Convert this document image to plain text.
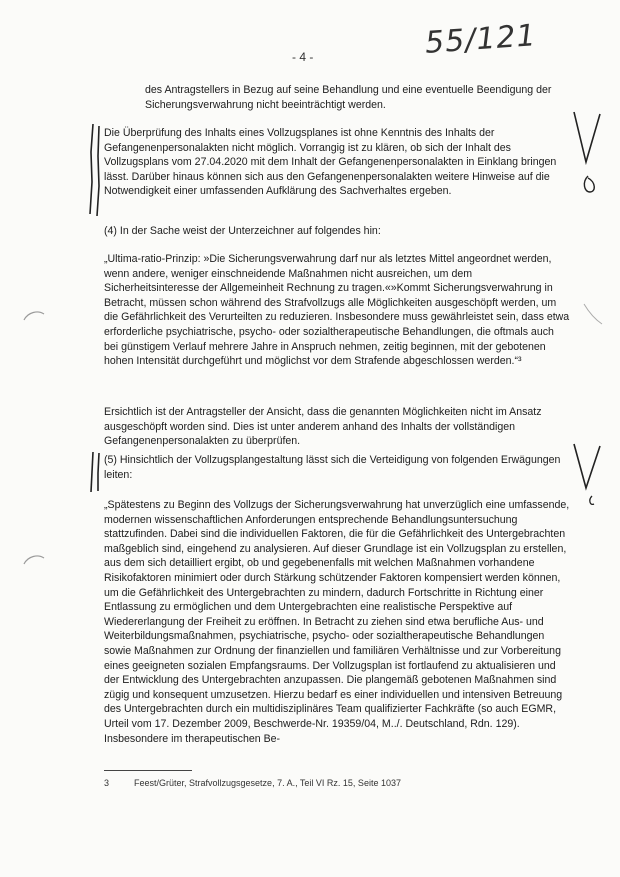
55/121
- 4 -

des Antragstellers in Bezug auf seine Behandlung und eine eventuelle Beendigung der Sicherungsverwahrung nicht beeinträchtigt werden.

Die Überprüfung des Inhalts eines Vollzugsplanes ist ohne Kenntnis des Inhalts der Gefangenenpersonalakten nicht möglich. Vorrangig ist zu klären, ob sich der Inhalt des Vollzugsplans vom 27.04.2020 mit dem Inhalt der Gefangenenpersonalakten in Einklang bringen lässt. Darüber hinaus können sich aus den Gefangenenpersonalakten weitere Hinweise auf die Notwendigkeit einer umfassenden Aufklärung des Sachverhaltes ergeben.

(4) In der Sache weist der Unterzeichner auf folgendes hin:

„Ultima-ratio-Prinzip: »Die Sicherungsverwahrung darf nur als letztes Mittel angeordnet werden, wenn andere, weniger einschneidende Maßnahmen nicht ausreichen, um dem Sicherheitsinteresse der Allgemeinheit Rechnung zu tragen.«»Kommt Sicherungsverwahrung in Betracht, müssen schon während des Strafvollzugs alle Möglichkeiten ausgeschöpft werden, um die Gefährlichkeit des Verurteilten zu reduzieren. Insbesondere muss gewährleistet sein, dass etwa erforderliche psychiatrische, psycho- oder sozialtherapeutische Behandlungen, die oftmals auch bei günstigem Verlauf mehrere Jahre in Anspruch nehmen, zeitig beginnen, mit der gebotenen hohen Intensität durchgeführt und möglichst vor dem Strafende abgeschlossen werden.“³

Ersichtlich ist der Antragsteller der Ansicht, dass die genannten Möglichkeiten nicht im Ansatz ausgeschöpft worden sind. Dies ist unter anderem anhand des Inhalts der vollständigen Gefangenenpersonalakten zu überprüfen.

(5) Hinsichtlich der Vollzugsplangestaltung lässt sich die Verteidigung von folgenden Erwägungen leiten:

„Spätestens zu Beginn des Vollzugs der Sicherungsverwahrung hat unverzüglich eine umfassende, modernen wissenschaftlichen Anforderungen entsprechende Behandlungsuntersuchung stattzufinden. Dabei sind die individuellen Faktoren, die für die Gefährlichkeit des Untergebrachten maßgeblich sind, eingehend zu analysieren. Auf dieser Grundlage ist ein Vollzugsplan zu erstellen, aus dem sich detailliert ergibt, ob und gegebenenfalls mit welchen Maßnahmen vorhandene Risikofaktoren minimiert oder durch Stärkung schützender Faktoren kompensiert werden können, um die Gefährlichkeit des Untergebrachten zu mindern, dadurch Fortschritte in Richtung einer Entlassung zu ermöglichen und dem Untergebrachten eine realistische Perspektive auf Wiedererlangung der Freiheit zu eröffnen. In Betracht zu ziehen sind etwa berufliche Aus- und Weiterbildungsmaßnahmen, psychiatrische, psycho- oder sozialtherapeutische Behandlungen sowie Maßnahmen zur Ordnung der finanziellen und familiären Verhältnisse und zur Vorbereitung eines geeigneten sozialen Empfangsraums. Der Vollzugsplan ist fortlaufend zu aktualisieren und der Entwicklung des Untergebrachten anzupassen. Die plangemäß gebotenen Maßnahmen sind zügig und konsequent umzusetzen. Hierzu bedarf es einer individuellen und intensiven Betreuung des Untergebrachten durch ein multidisziplinäres Team qualifizierter Fachkräfte (so auch EGMR, Urteil vom 17. Dezember 2009, Beschwerde-Nr. 19359/04, M../. Deutschland, Rdn. 129). Insbesondere im therapeutischen Be-

3	Feest/Grüter, Strafvollzugsgesetze, 7. A., Teil VI Rz. 15, Seite 1037
